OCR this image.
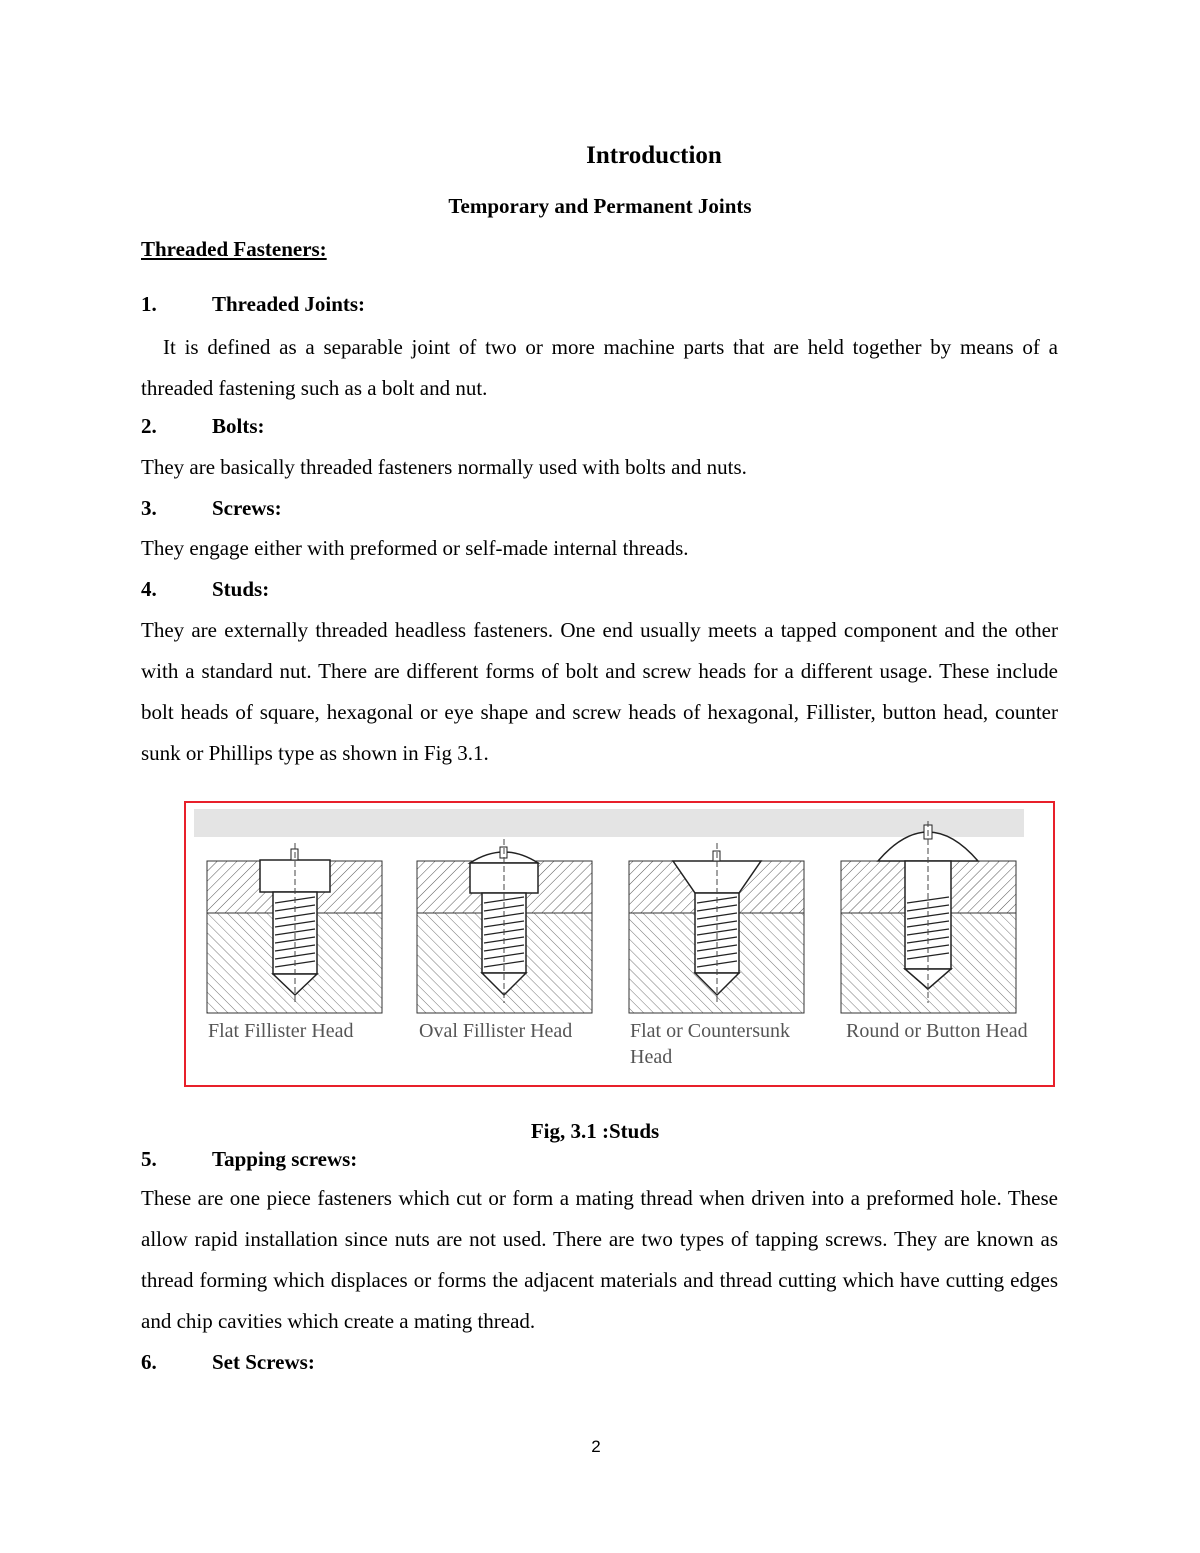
Introduction
Temporary and Permanent Joints
Threaded Fasteners:
1.	Threaded Joints:
It is defined as a separable joint of two or more machine parts that are held together by means of a threaded fastening such as a bolt and nut.
2.	Bolts:
They are basically threaded fasteners normally used with bolts and nuts.
3.	Screws:
They engage either with preformed or self-made internal threads.
4.	Studs:
They are externally threaded headless fasteners. One end usually meets a tapped component and the other with a standard nut. There are different forms of bolt and screw heads for a different usage. These include bolt heads of square, hexagonal or eye shape and screw heads of hexagonal, Fillister, button head, counter sunk or Phillips type as shown in Fig 3.1.
Flat Fillister Head	Oval Fillister Head	Flat or Countersunk
Head
Round or Button Head
Fig, 3.1 :Studs
5.	Tapping screws:
These are one piece fasteners which cut or form a mating thread when driven into a preformed hole. These allow rapid installation since nuts are not used. There are two types of tapping screws. They are known as thread forming which displaces or forms the adjacent materials and thread cutting which have cutting edges and chip cavities which create a mating thread.
6.	Set Screws:
2
